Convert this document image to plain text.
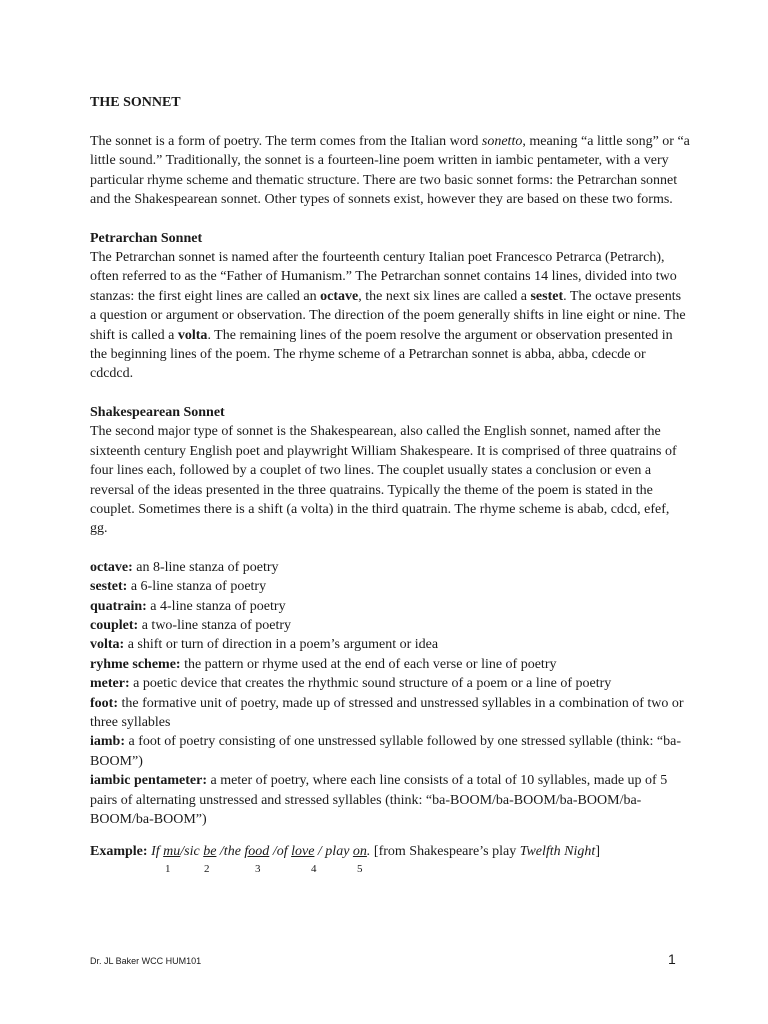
THE SONNET

The sonnet is a form of poetry. The term comes from the Italian word sonetto, meaning “a little song” or “a little sound.” Traditionally, the sonnet is a fourteen-line poem written in iambic pentameter, with a very particular rhyme scheme and thematic structure. There are two basic sonnet forms: the Petrarchan sonnet and the Shakespearean sonnet. Other types of sonnets exist, however they are based on these two forms.

Petrarchan Sonnet

The Petrarchan sonnet is named after the fourteenth century Italian poet Francesco Petrarca (Petrarch), often referred to as the “Father of Humanism.” The Petrarchan sonnet contains 14 lines, divided into two stanzas: the first eight lines are called an octave, the next six lines are called a sestet. The octave presents a question or argument or observation. The direction of the poem generally shifts in line eight or nine. The shift is called a volta. The remaining lines of the poem resolve the argument or observation presented in the beginning lines of the poem. The rhyme scheme of a Petrarchan sonnet is abba, abba, cdecde or cdcdcd.

Shakespearean Sonnet

The second major type of sonnet is the Shakespearean, also called the English sonnet, named after the sixteenth century English poet and playwright William Shakespeare. It is comprised of three quatrains of four lines each, followed by a couplet of two lines. The couplet usually states a conclusion or even a reversal of the ideas presented in the three quatrains. Typically the theme of the poem is stated in the couplet. Sometimes there is a shift (a volta) in the third quatrain. The rhyme scheme is abab, cdcd, efef, gg.

octave: an 8-line stanza of poetry
sestet: a 6-line stanza of poetry
quatrain: a 4-line stanza of poetry
couplet: a two-line stanza of poetry
volta: a shift or turn of direction in a poem’s argument or idea
ryhme scheme: the pattern or rhyme used at the end of each verse or line of poetry
meter: a poetic device that creates the rhythmic sound structure of a poem or a line of poetry
foot: the formative unit of poetry, made up of stressed and unstressed syllables in a combination of two or three syllables
iamb: a foot of poetry consisting of one unstressed syllable followed by one stressed syllable (think: “ba-BOOM”)
iambic pentameter: a meter of poetry, where each line consists of a total of 10 syllables, made up of 5 pairs of alternating unstressed and stressed syllables (think: “ba-BOOM/ba-BOOM/ba-BOOM/ba-BOOM/ba-BOOM”)
Example: If mu/sic be /the food /of love / play on. [from Shakespeare’s play Twelfth Night]
1	2	3	4	5
Dr. JL Baker WCC HUM101	1
